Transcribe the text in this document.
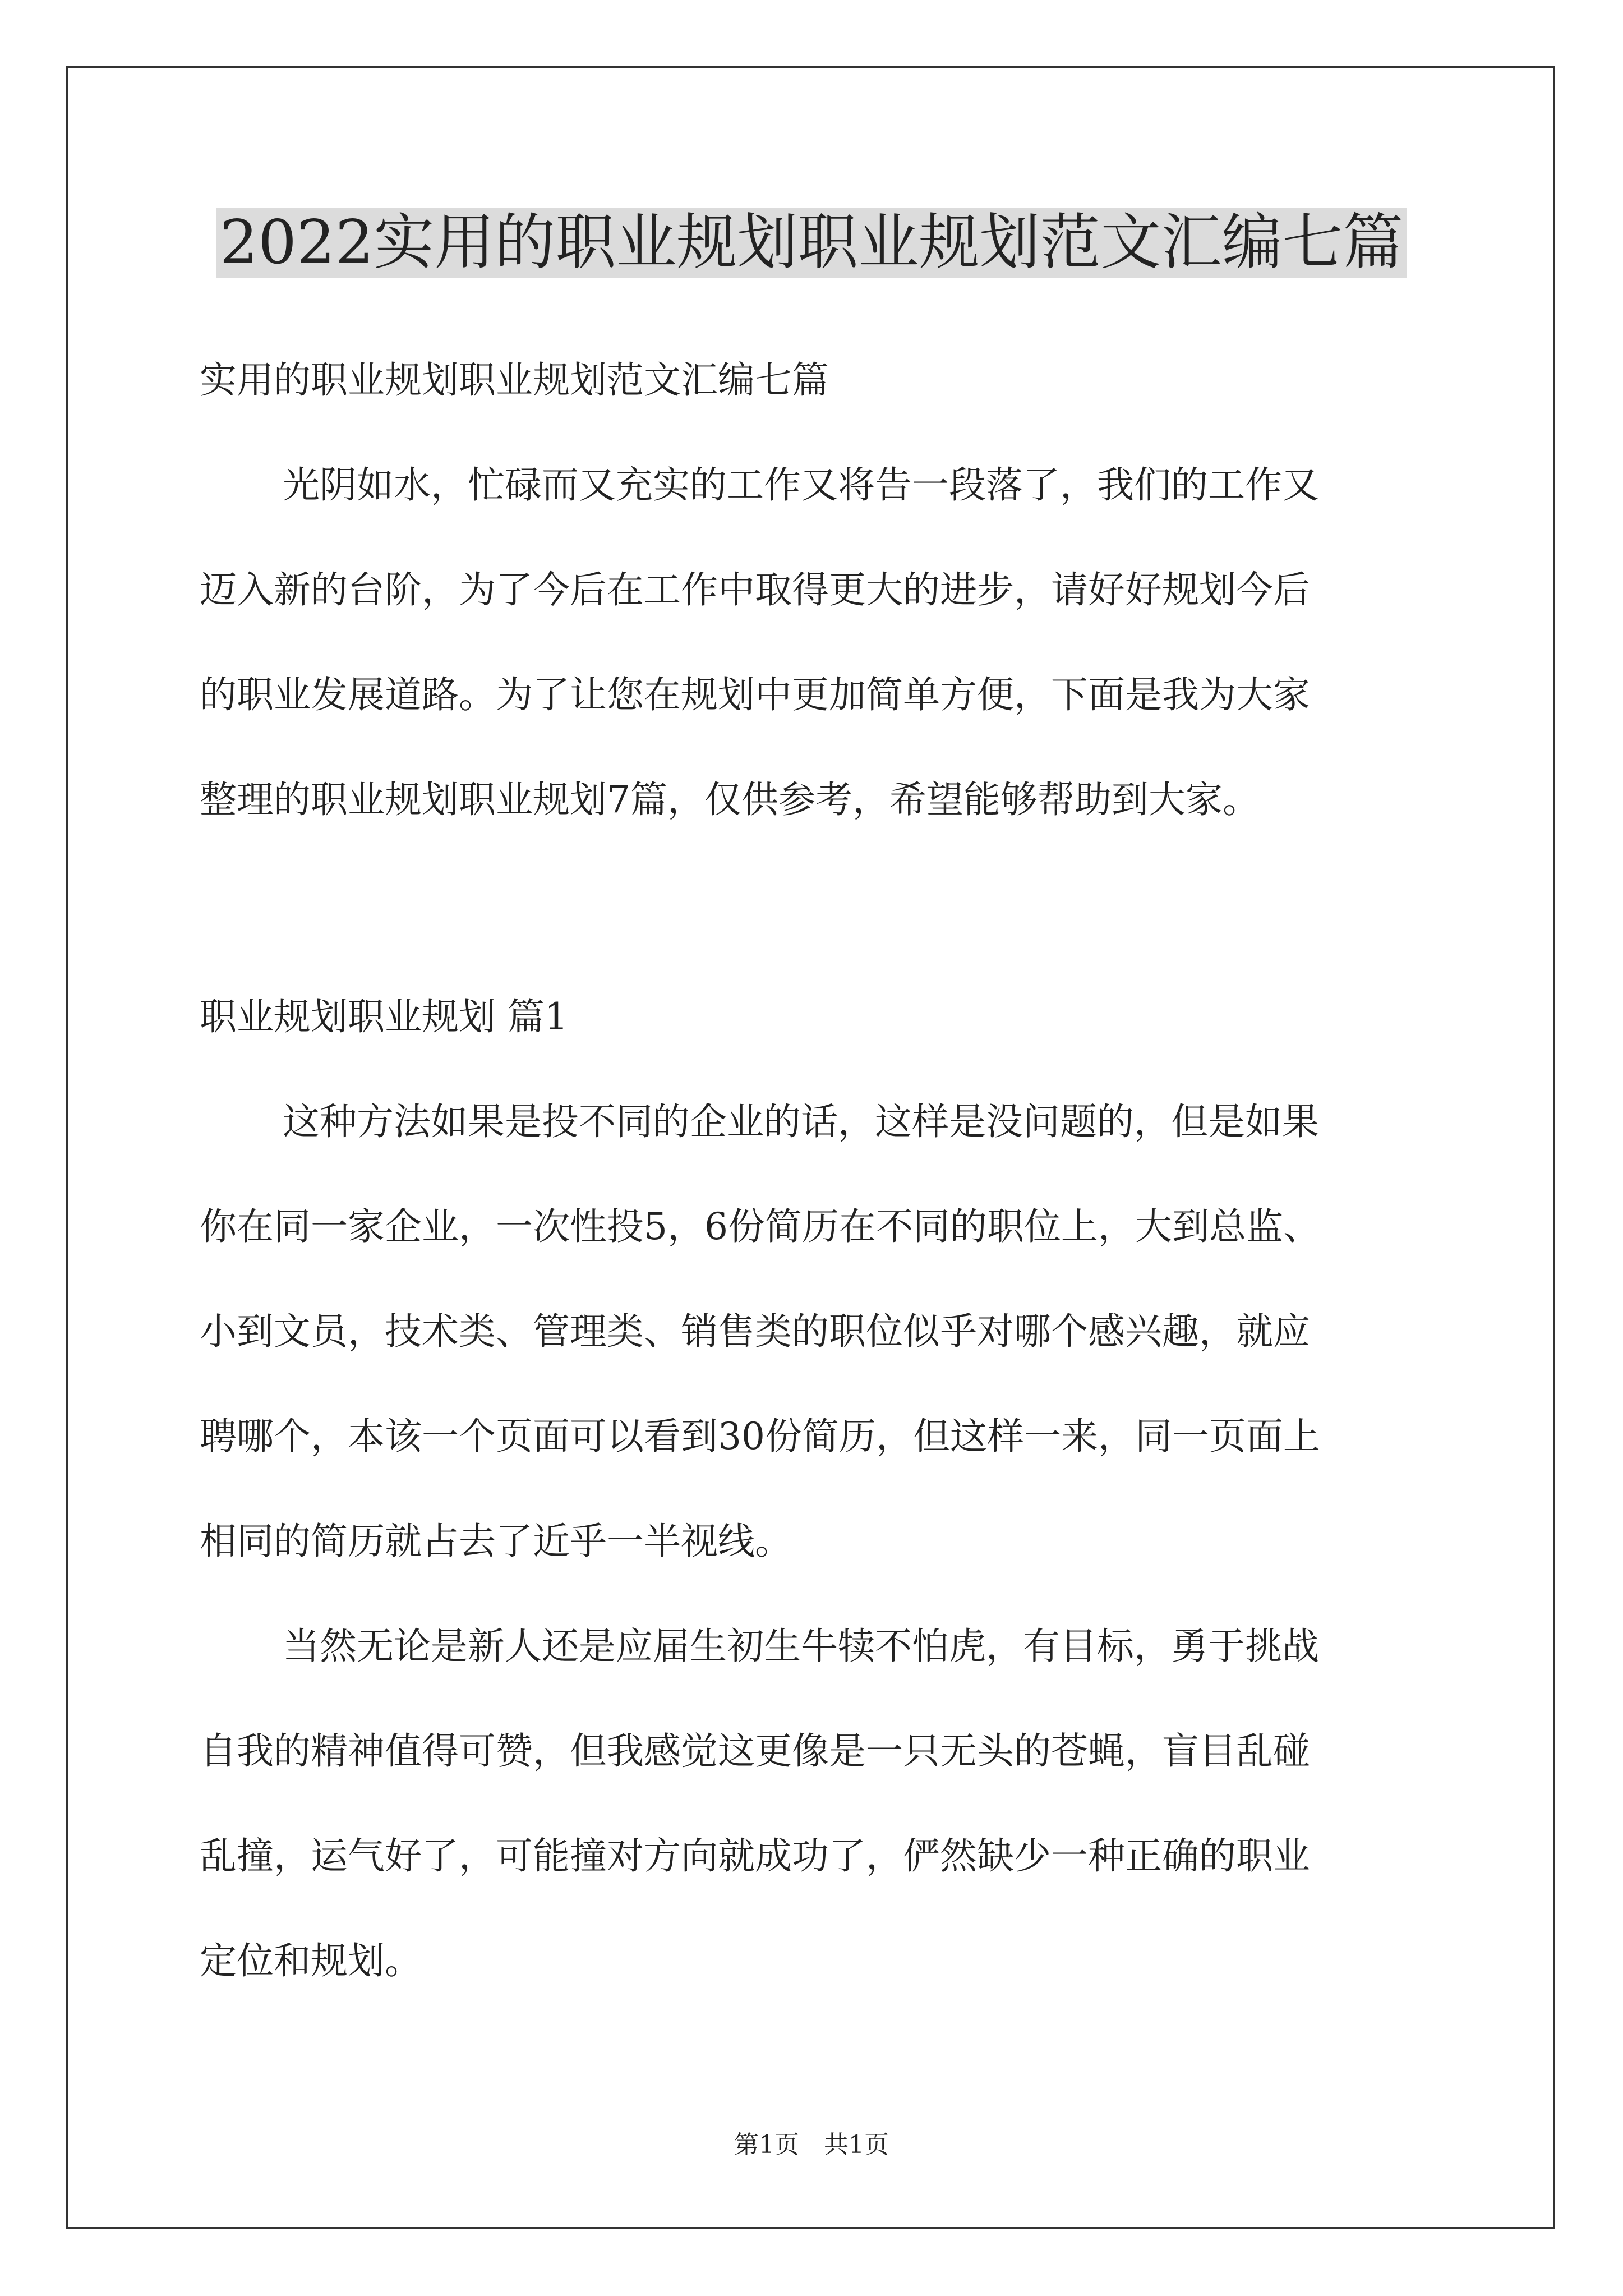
2022实用的职业规划职业规划范文汇编七篇

实用的职业规划职业规划范文汇编七篇

光阴如水，忙碌而又充实的工作又将告一段落了，我们的工作又

迈入新的台阶，为了今后在工作中取得更大的进步，请好好规划今后

的职业发展道路。为了让您在规划中更加简单方便，下面是我为大家

整理的职业规划职业规划7篇，仅供参考，希望能够帮助到大家。

职业规划职业规划 篇1

这种方法如果是投不同的企业的话，这样是没问题的，但是如果

你在同一家企业，一次性投5，6份简历在不同的职位上，大到总监、

小到文员，技术类、管理类、销售类的职位似乎对哪个感兴趣，就应

聘哪个，本该一个页面可以看到30份简历，但这样一来，同一页面上

相同的简历就占去了近乎一半视线。

当然无论是新人还是应届生初生牛犊不怕虎，有目标，勇于挑战

自我的精神值得可赞，但我感觉这更像是一只无头的苍蝇，盲目乱碰

乱撞，运气好了，可能撞对方向就成功了，俨然缺少一种正确的职业

定位和规划。

第1页　共1页
